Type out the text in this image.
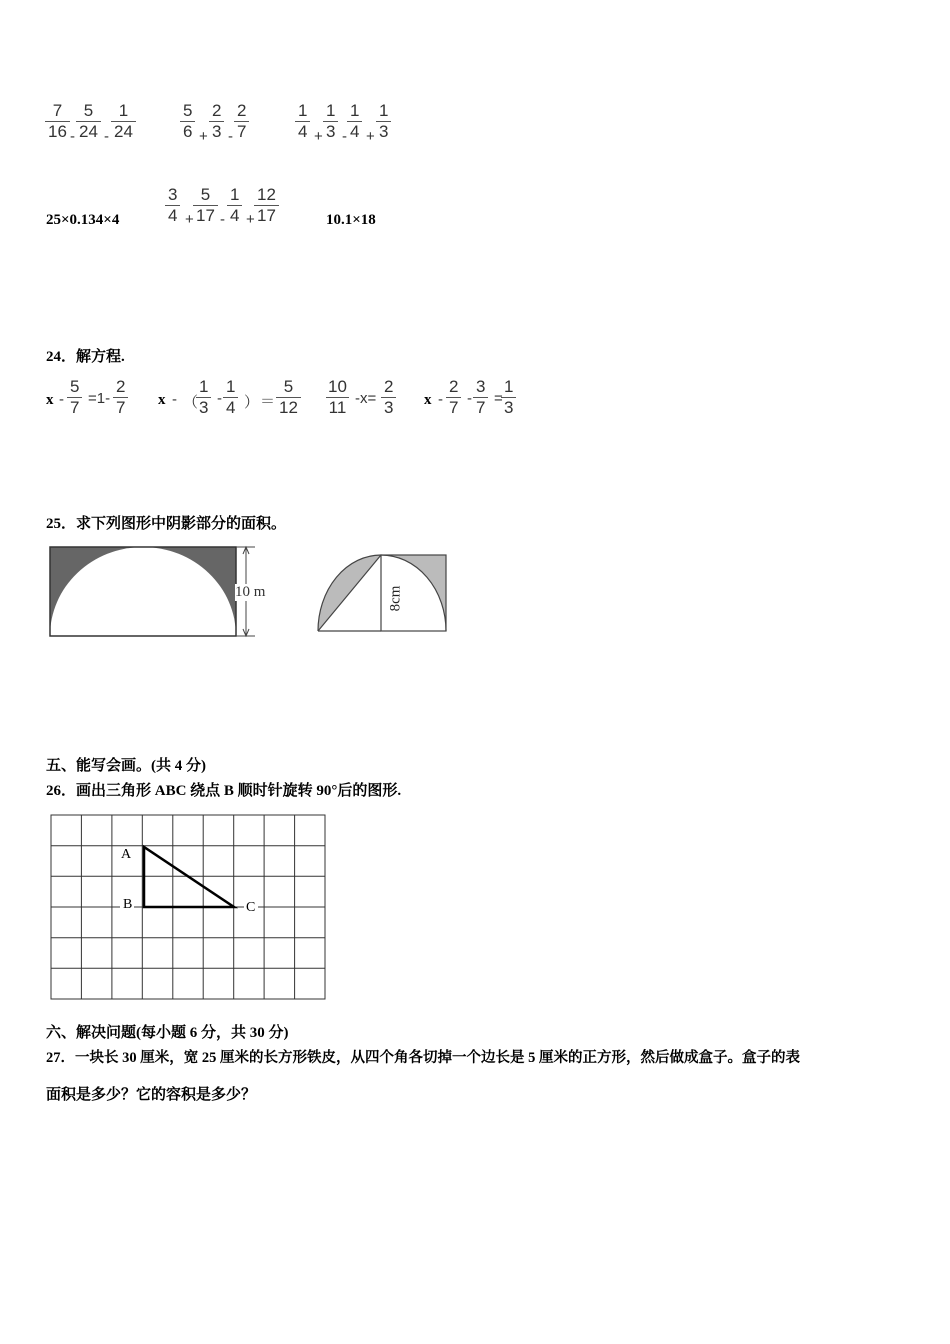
$\frac{7}{16} - \frac{5}{24} - \frac{1}{24}$	$\frac{5}{6} + \frac{2}{3} - \frac{2}{7}$	$\frac{1}{4} + \frac{1}{3} - \frac{1}{4} + \frac{1}{3}$
25×0.134×4	$\frac{3}{4} + \frac{5}{17} - \frac{1}{4} + \frac{12}{17}$	10.1×18
24．解方程.
$x - \frac{5}{7} =1- \frac{2}{7}$ x - （
$\frac{1}{3} - \frac{1}{4}$ ） ＝ $\frac{5}{12} \frac{10}{11} -x= \frac{2}{3}$ x - $\frac{2}{7} - \frac{3}{7}$ =
$\frac{1}{3}$
25．求下列图形中阴影部分的面积。
10 m	8cm
五、能写会画。(共 4 分)
26．画出三角形 ABC 绕点 B 顺时针旋转 90°后的图形.
A
B	C
六、解决问题(每小题 6 分，共 30 分)
27．一块长 30 厘米，宽 25 厘米的长方形铁皮，从四个角各切掉一个边长是 5 厘米的正方形，然后做成盒子。盒子的表
面积是多少？它的容积是多少？
